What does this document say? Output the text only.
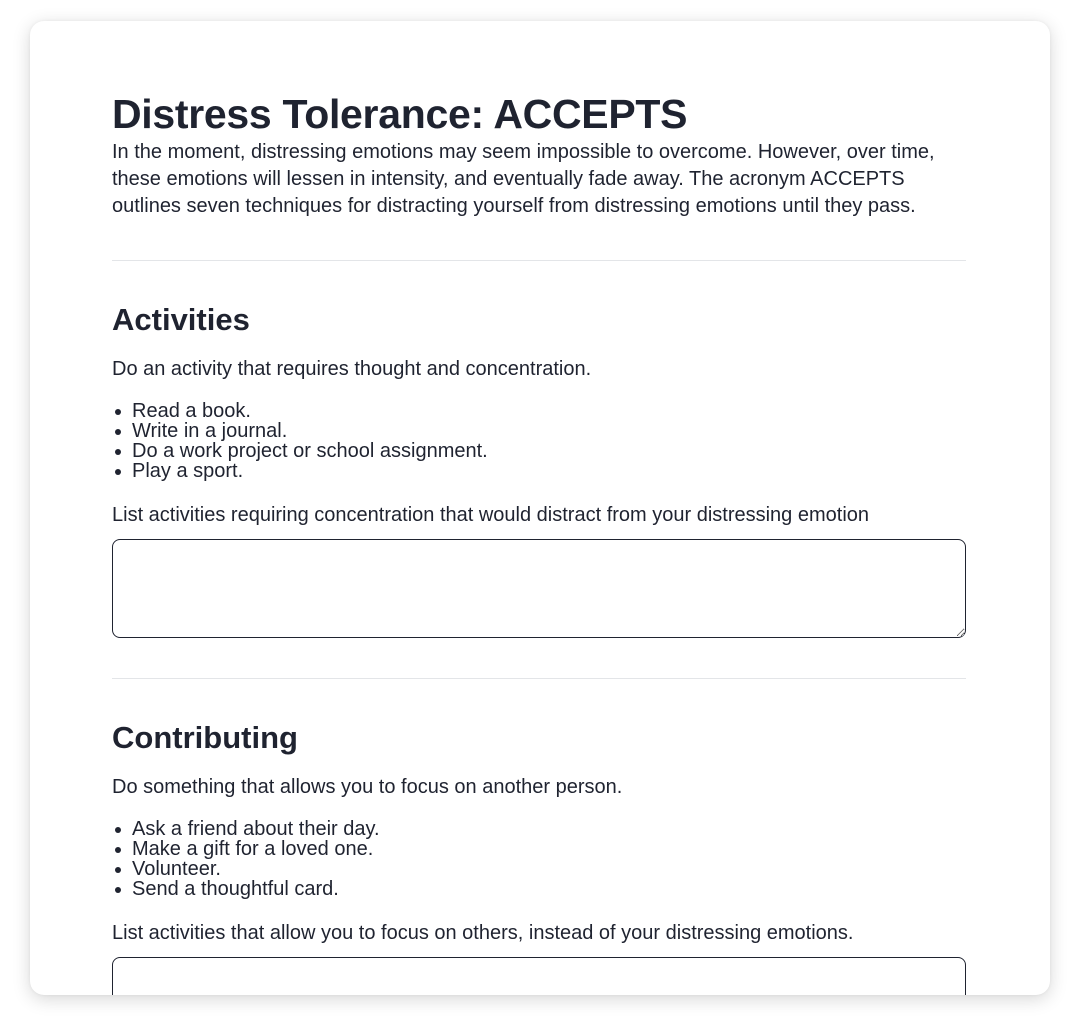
Distress Tolerance: ACCEPTS

In the moment, distressing emotions may seem impossible to overcome. However, over time, these emotions will lessen in intensity, and eventually fade away. The acronym ACCEPTS outlines seven techniques for distracting yourself from distressing emotions until they pass.

Activities

Do an activity that requires thought and concentration.

Read a book.
Write in a journal.
Do a work project or school assignment.
Play a sport.

List activities requiring concentration that would distract from your distressing emotion

Contributing

Do something that allows you to focus on another person.

Ask a friend about their day.
Make a gift for a loved one.
Volunteer.
Send a thoughtful card.

List activities that allow you to focus on others, instead of your distressing emotions.
